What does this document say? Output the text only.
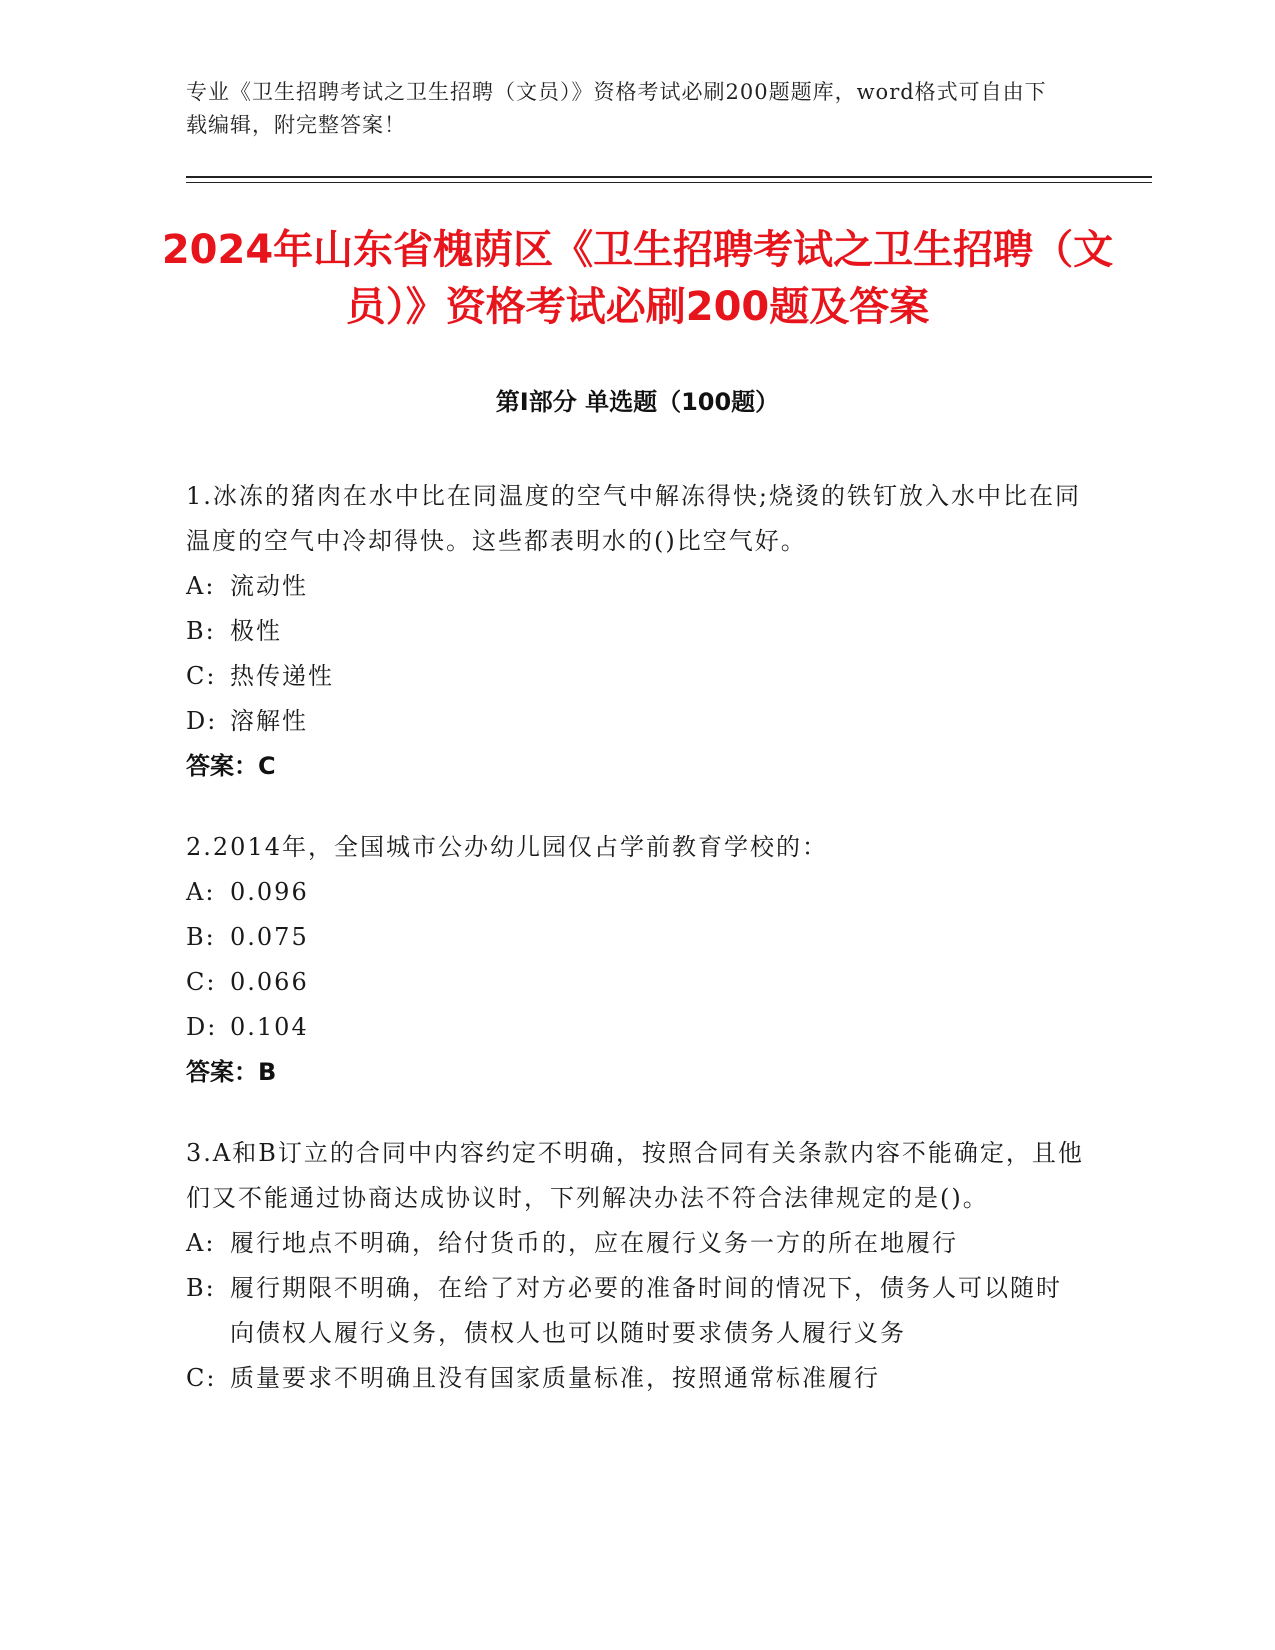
专业《卫生招聘考试之卫生招聘（文员）》资格考试必刷200题题库，word格式可自由下载编辑，附完整答案！
2024年山东省槐荫区《卫生招聘考试之卫生招聘（文员）》资格考试必刷200题及答案
第Ⅰ部分 单选题（100题）
1.冰冻的猪肉在水中比在同温度的空气中解冻得快;烧烫的铁钉放入水中比在同温度的空气中冷却得快。这些都表明水的()比空气好。
A: 流动性
B: 极性
C: 热传递性
D: 溶解性
答案：C
2.2014年，全国城市公办幼儿园仅占学前教育学校的：
A: 0.096
B: 0.075
C: 0.066
D: 0.104
答案：B
3.A和B订立的合同中内容约定不明确，按照合同有关条款内容不能确定，且他们又不能通过协商达成协议时，下列解决办法不符合法律规定的是()。
A: 履行地点不明确，给付货币的，应在履行义务一方的所在地履行
B: 履行期限不明确，在给了对方必要的准备时间的情况下，债务人可以随时向债权人履行义务，债权人也可以随时要求债务人履行义务
C: 质量要求不明确且没有国家质量标准，按照通常标准履行
